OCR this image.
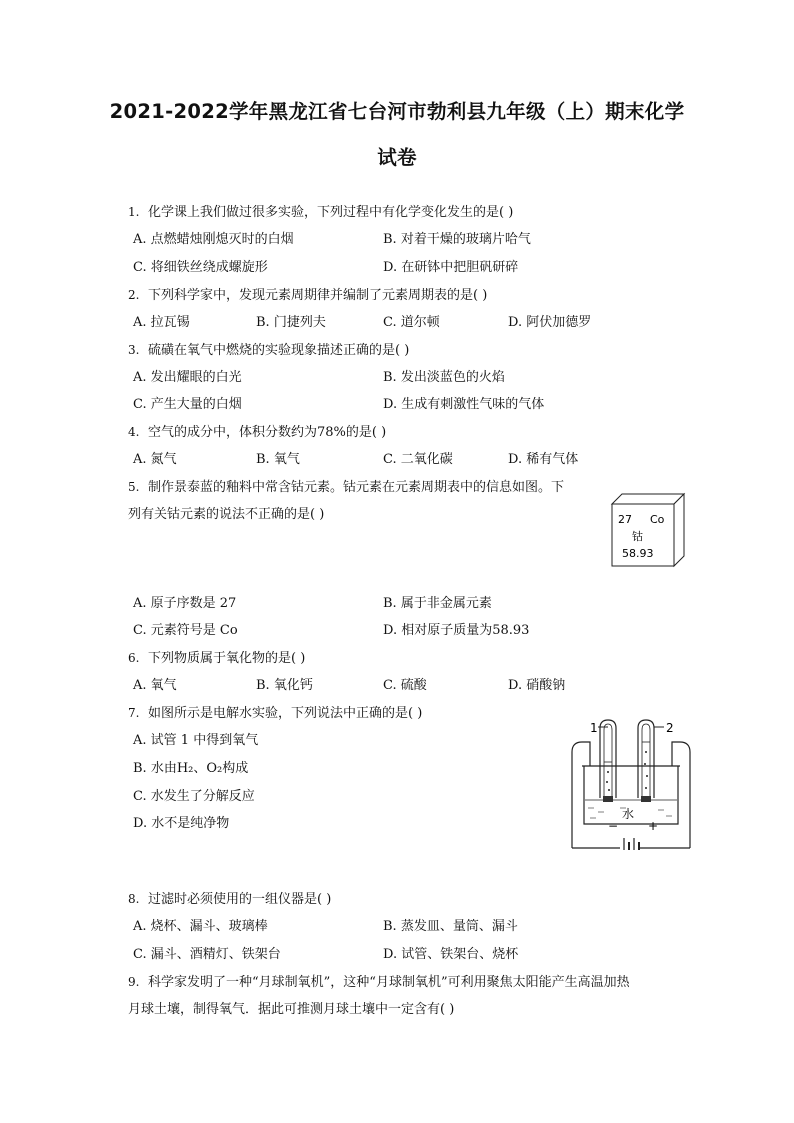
2021-2022学年黑龙江省七台河市勃利县九年级（上）期末化学
试卷
1. 化学课上我们做过很多实验，下列过程中有化学变化发生的是( )
A. 点燃蜡烛刚熄灭时的白烟	B. 对着干燥的玻璃片哈气
C. 将细铁丝绕成螺旋形	D. 在研钵中把胆矾研碎
2. 下列科学家中，发现元素周期律并编制了元素周期表的是( )
A. 拉瓦锡	B. 门捷列夫	C. 道尔顿	D. 阿伏加德罗
3. 硫磺在氧气中燃烧的实验现象描述正确的是( )
A. 发出耀眼的白光	B. 发出淡蓝色的火焰
C. 产生大量的白烟	D. 生成有刺激性气味的气体
4. 空气的成分中，体积分数约为78%的是( )
A. 氮气	B. 氧气	C. 二氧化碳	D. 稀有气体
5. 制作景泰蓝的釉料中常含钴元素。钴元素在元素周期表中的信息如图。下
列有关钴元素的说法不正确的是( )	27 Co
钴
58.93
A. 原子序数是 27	B. 属于非金属元素
C. 元素符号是 Co	D. 相对原子质量为58.93
6. 下列物质属于氧化物的是( )
A. 氧气	B. 氧化钙	C. 硫酸	D. 硝酸钠
7. 如图所示是电解水实验，下列说法中正确的是( )
A. 试管 1 中得到氧气
B. 水由H₂、O₂构成
C. 水发生了分解反应
D. 水不是纯净物
1	2
水
− +
8. 过滤时必须使用的一组仪器是( )
A. 烧杯、漏斗、玻璃棒	B. 蒸发皿、量筒、漏斗
C. 漏斗、酒精灯、铁架台	D. 试管、铁架台、烧杯
9. 科学家发明了一种“月球制氧机”，这种“月球制氧机”可利用聚焦太阳能产生高温加热
月球土壤，制得氧气．据此可推测月球土壤中一定含有( )
